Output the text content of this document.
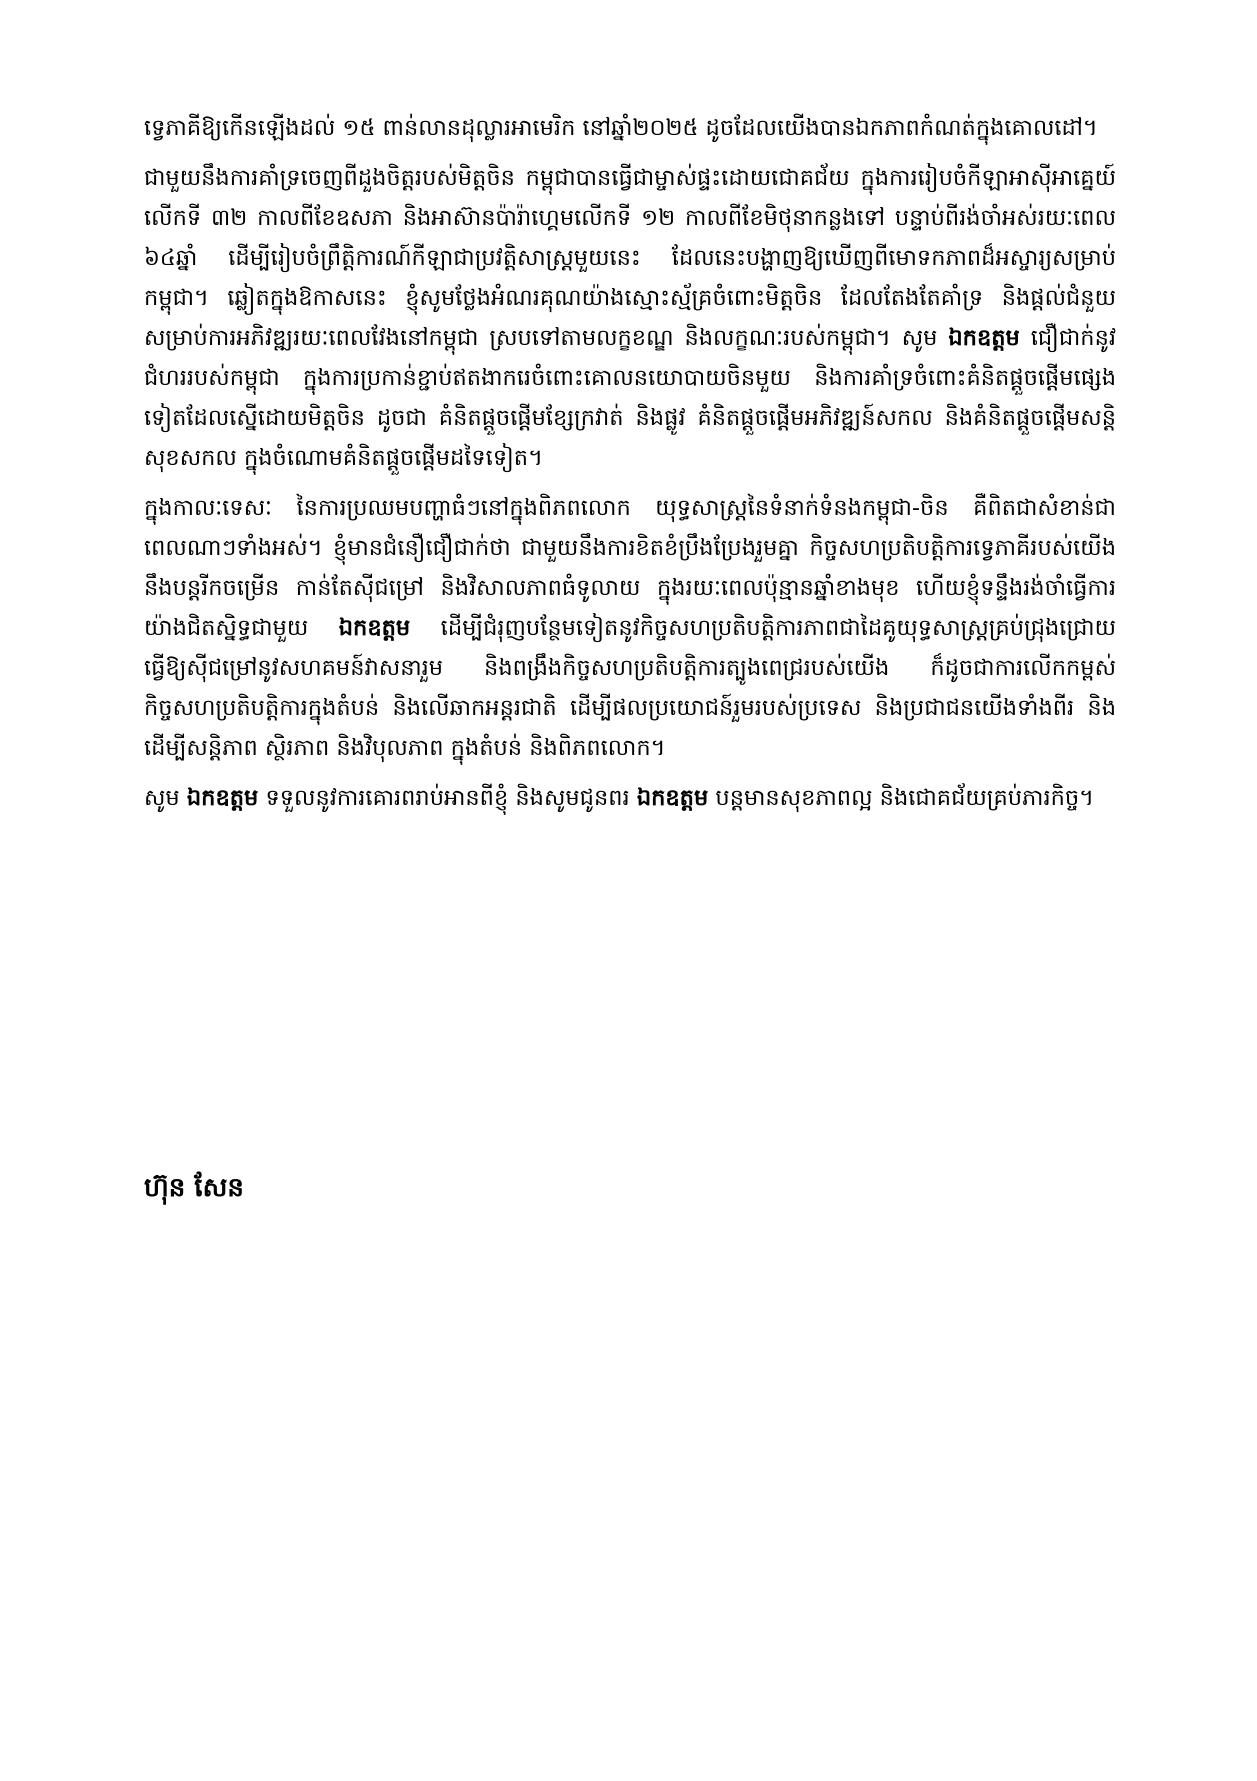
ទ្វេភាគីឱ្យកើនឡើងដល់ ១៥ ពាន់លានដុល្លារអាមេរិក នៅឆ្នាំ២០២៥ ដូចដែលយើងបានឯកភាពកំណត់ក្នុងគោលដៅ។

ជាមួយនឹងការគាំទ្រចេញពីដួងចិត្តរបស់មិត្តចិន កម្ពុជាបានធ្វើជាម្ចាស់ផ្ទះដោយជោគជ័យ ក្នុងការរៀបចំកីឡាអាស៊ីអាគ្នេយ៍លើកទី ៣២ កាលពីខែឧសភា និងអាស៊ានប៉ារ៉ាហ្គេមលើកទី ១២ កាលពីខែមិថុនាកន្លងទៅ បន្ទាប់ពីរង់ចាំអស់រយៈពេល ៦៤ឆ្នាំ ដើម្បីរៀបចំព្រឹត្តិការណ៍កីឡាជាប្រវត្តិសាស្ត្រមួយនេះ ដែលនេះបង្ហាញឱ្យឃើញពីមោទកភាពដ៏អស្ចារ្យសម្រាប់កម្ពុជា។ ឆ្លៀតក្នុងឱកាសនេះ ខ្ញុំសូមថ្លែងអំណរគុណយ៉ាងស្មោះស្ម័គ្រចំពោះមិត្តចិន ដែលតែងតែគាំទ្រ និងផ្តល់ជំនួយ សម្រាប់ការអភិវឌ្ឍរយៈពេលវែងនៅកម្ពុជា ស្របទៅតាមលក្ខខណ្ឌ និងលក្ខណៈរបស់កម្ពុជា។ សូម ឯកឧត្តម ជឿជាក់នូវជំហររបស់កម្ពុជា ក្នុងការប្រកាន់ខ្ជាប់ឥតងាករេចំពោះគោលនយោបាយចិនមួយ និងការគាំទ្រចំពោះគំនិតផ្តួចផ្តើមផ្សេងទៀតដែលស្នើដោយមិត្តចិន ដូចជា គំនិតផ្តួចផ្តើមខ្សែក្រវាត់ និងផ្លូវ គំនិតផ្តួចផ្តើមអភិវឌ្ឍន៍សកល និងគំនិតផ្តួចផ្តើមសន្តិសុខសកល ក្នុងចំណោមគំនិតផ្តួចផ្តើមដទៃទៀត។

ក្នុងកាលៈទេសៈ នៃការប្រឈមបញ្ហាធំៗនៅក្នុងពិភពលោក យុទ្ធសាស្ត្រនៃទំនាក់ទំនងកម្ពុជា-ចិន គឺពិតជាសំខាន់ជាពេលណាៗទាំងអស់។ ខ្ញុំមានជំនឿជឿជាក់ថា ជាមួយនឹងការខិតខំប្រឹងប្រែងរួមគ្នា កិច្ចសហប្រតិបត្តិការទ្វេភាគីរបស់យើងនឹងបន្តរីកចម្រើន កាន់តែស៊ីជម្រៅ និងវិសាលភាពធំទូលាយ ក្នុងរយៈពេលប៉ុន្មានឆ្នាំខាងមុខ ហើយខ្ញុំទន្ទឹងរង់ចាំធ្វើការយ៉ាងជិតស្និទ្ធជាមួយ ឯកឧត្តម ដើម្បីជំរុញបន្ថែមទៀតនូវកិច្ចសហប្រតិបត្តិការភាពជាដៃគូយុទ្ធសាស្ត្រគ្រប់ជ្រុងជ្រោយ ធ្វើឱ្យស៊ីជម្រៅនូវសហគមន៍វាសនារួម និងពង្រឹងកិច្ចសហប្រតិបត្តិការត្បូងពេជ្ររបស់យើង ក៏ដូចជាការលើកកម្ពស់កិច្ចសហប្រតិបត្តិការក្នុងតំបន់ និងលើឆាកអន្តរជាតិ ដើម្បីផលប្រយោជន៍រួមរបស់ប្រទេស និងប្រជាជនយើងទាំងពីរ និងដើម្បីសន្តិភាព ស្ថិរភាព និងវិបុលភាព ក្នុងតំបន់ និងពិភពលោក។

សូម ឯកឧត្តម ទទួលនូវការគោរពរាប់អានពីខ្ញុំ និងសូមជូនពរ ឯកឧត្តម បន្តមានសុខភាពល្អ និងជោគជ័យគ្រប់ភារកិច្ច។

ហ៊ុន សែន
